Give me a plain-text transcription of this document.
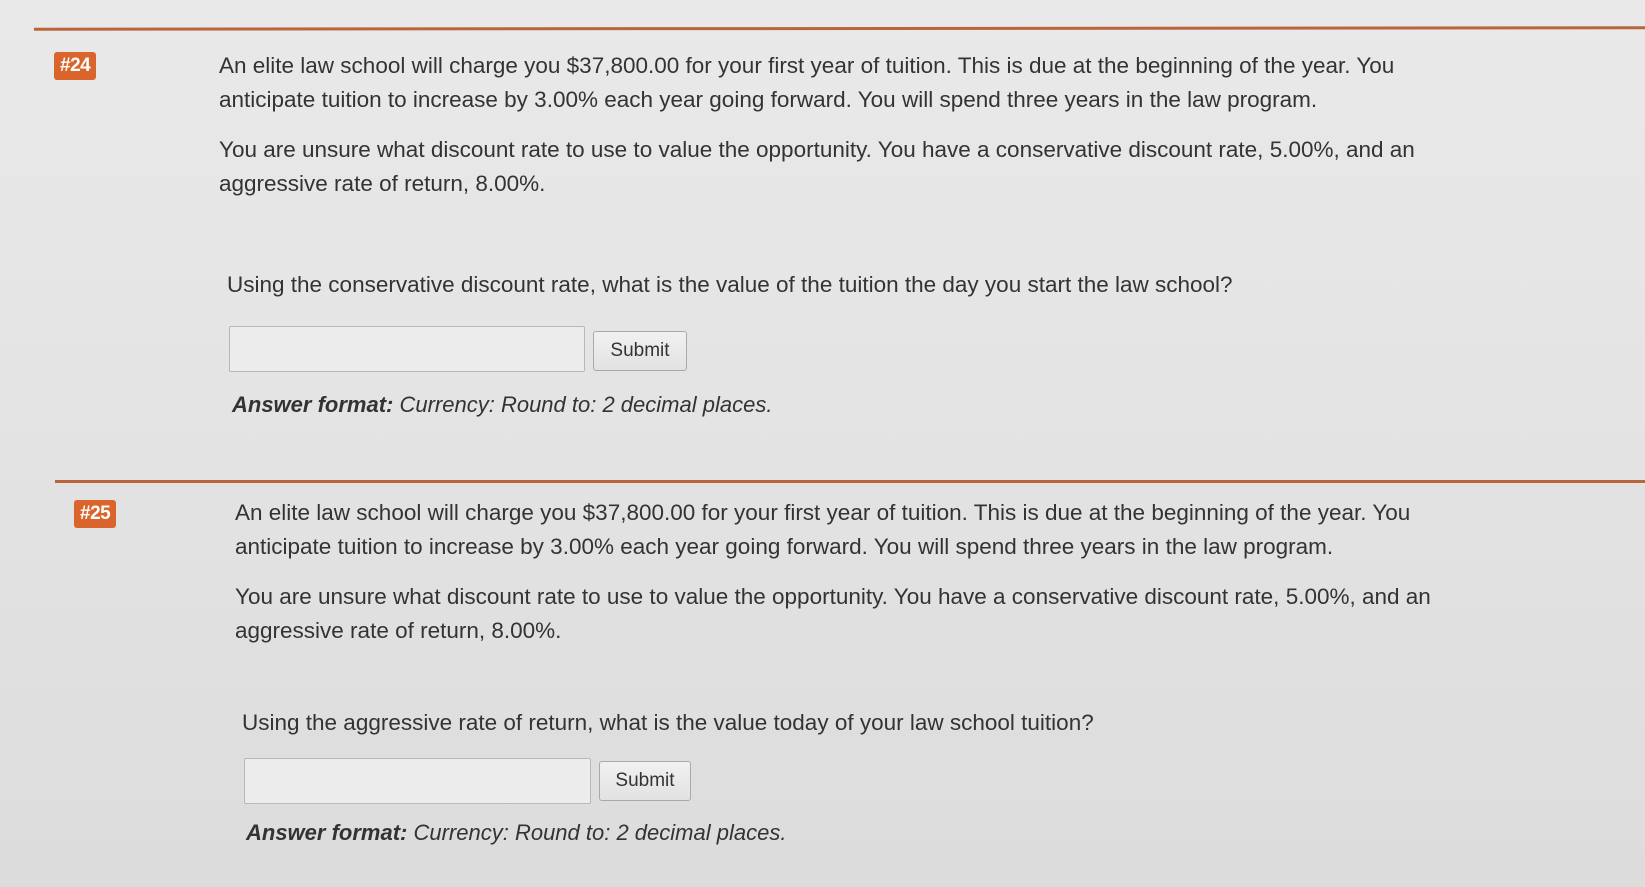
#24	An elite law school will charge you $37,800.00 for your first year of tuition. This is due at the beginning of the year. You anticipate tuition to increase by 3.00% each year going forward. You will spend three years in the law program.

You are unsure what discount rate to use to value the opportunity. You have a conservative discount rate, 5.00%, and an aggressive rate of return, 8.00%.

Using the conservative discount rate, what is the value of the tuition the day you start the law school?
Submit
Answer format: Currency: Round to: 2 decimal places.
#25	An elite law school will charge you $37,800.00 for your first year of tuition. This is due at the beginning of the year. You anticipate tuition to increase by 3.00% each year going forward. You will spend three years in the law program.

You are unsure what discount rate to use to value the opportunity. You have a conservative discount rate, 5.00%, and an aggressive rate of return, 8.00%.

Using the aggressive rate of return, what is the value today of your law school tuition?
Submit
Answer format: Currency: Round to: 2 decimal places.
